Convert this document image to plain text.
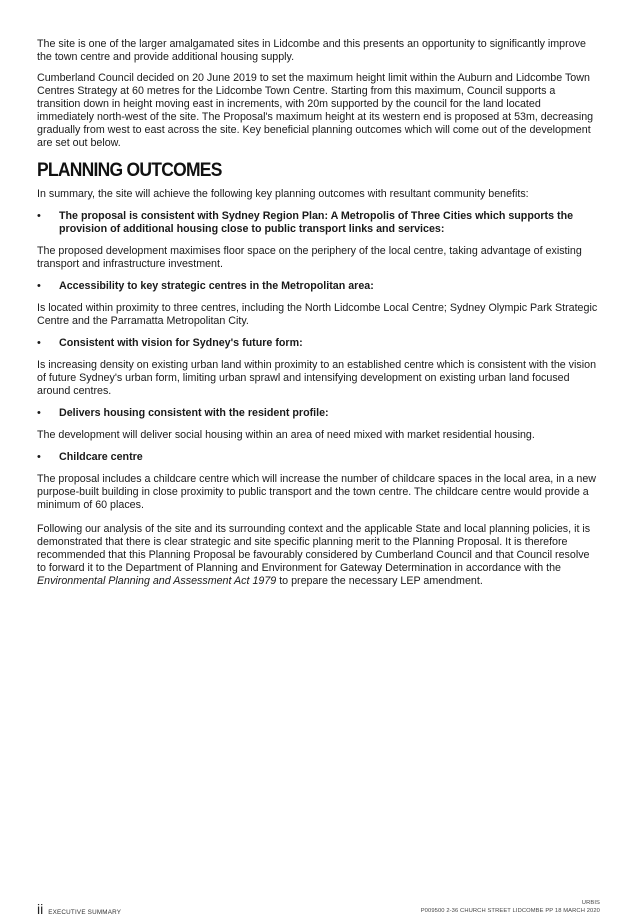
The site is one of the larger amalgamated sites in Lidcombe and this presents an opportunity to significantly improve the town centre and provide additional housing supply.

Cumberland Council decided on 20 June 2019 to set the maximum height limit within the Auburn and Lidcombe Town Centres Strategy at 60 metres for the Lidcombe Town Centre. Starting from this maximum, Council supports a transition down in height moving east in increments, with 20m supported by the council for the land located immediately north-west of the site. The Proposal's maximum height at its western end is proposed at 53m, decreasing gradually from west to east across the site. Key beneficial planning outcomes which will come out of the development are set out below.

PLANNING OUTCOMES

In summary, the site will achieve the following key planning outcomes with resultant community benefits:

•	The proposal is consistent with Sydney Region Plan: A Metropolis of Three Cities which supports the provision of additional housing close to public transport links and services:

The proposed development maximises floor space on the periphery of the local centre, taking advantage of existing transport and infrastructure investment.

•	Accessibility to key strategic centres in the Metropolitan area:

Is located within proximity to three centres, including the North Lidcombe Local Centre; Sydney Olympic Park Strategic Centre and the Parramatta Metropolitan City.

•	Consistent with vision for Sydney's future form:

Is increasing density on existing urban land within proximity to an established centre which is consistent with the vision of future Sydney's urban form, limiting urban sprawl and intensifying development on existing urban land focused around centres.

•	Delivers housing consistent with the resident profile:

The development will deliver social housing within an area of need mixed with market residential housing.

•	Childcare centre

The proposal includes a childcare centre which will increase the number of childcare spaces in the local area, in a new purpose-built building in close proximity to public transport and the town centre. The childcare centre would provide a minimum of 60 places.

Following our analysis of the site and its surrounding context and the applicable State and local planning policies, it is demonstrated that there is clear strategic and site specific planning merit to the Planning Proposal. It is therefore recommended that this Planning Proposal be favourably considered by Cumberland Council and that Council resolve to forward it to the Department of Planning and Environment for Gateway Determination in accordance with the Environmental Planning and Assessment Act 1979 to prepare the necessary LEP amendment.

ii EXECUTIVE SUMMARY
URBIS
P009500 2-36 CHURCH STREET LIDCOMBE PP 18 MARCH 2020
